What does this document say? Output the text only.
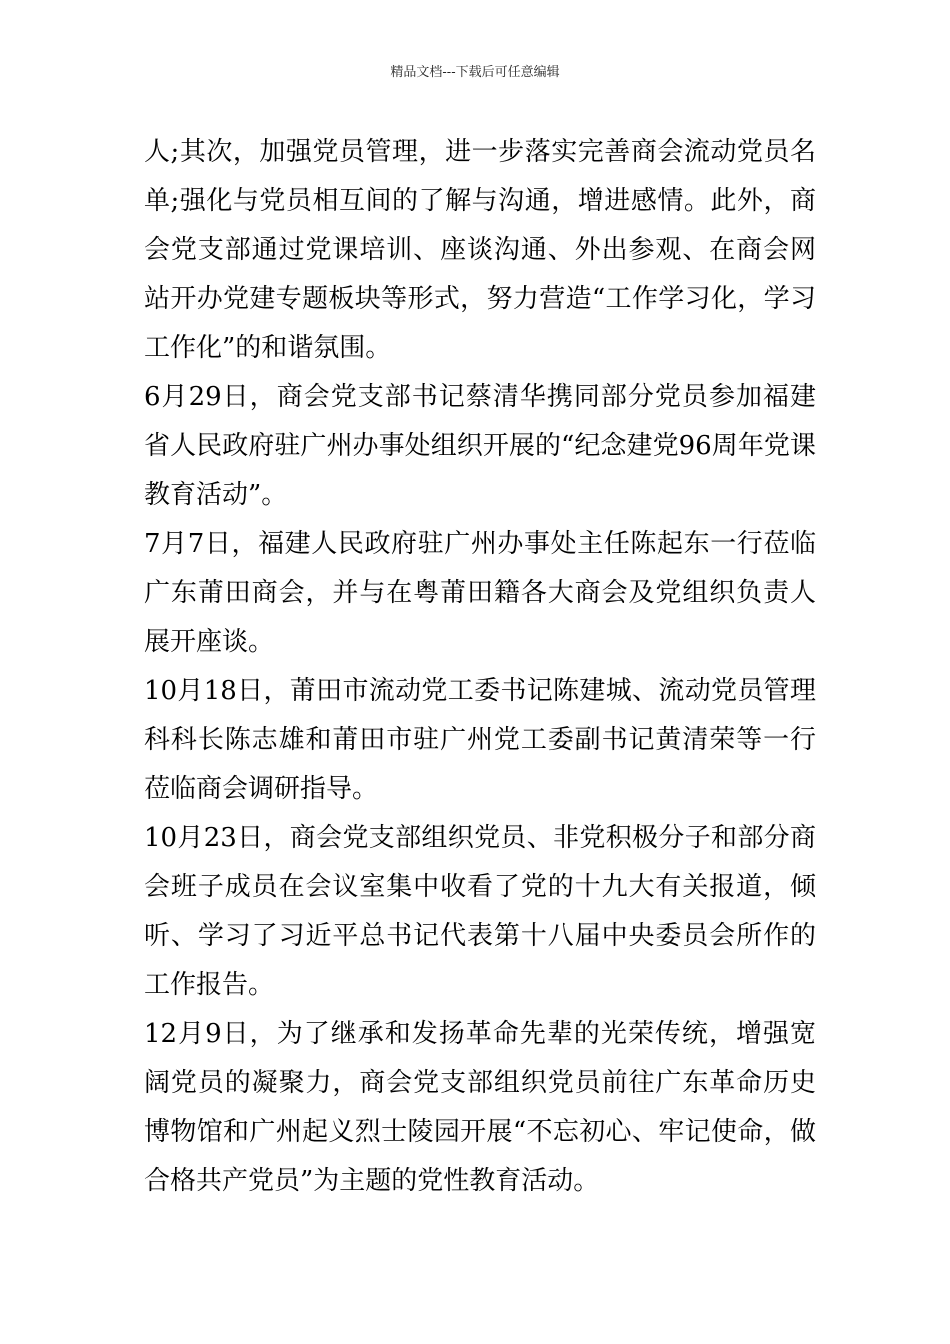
精品文档---下载后可任意编辑

人;其次，加强党员管理，进一步落实完善商会流动党员名单;强化与党员相互间的了解与沟通，增进感情。此外，商会党支部通过党课培训、座谈沟通、外出参观、在商会网站开办党建专题板块等形式，努力营造“工作学习化，学习工作化”的和谐氛围。

6月29日，商会党支部书记蔡清华携同部分党员参加福建省人民政府驻广州办事处组织开展的“纪念建党96周年党课教育活动”。

7月7日，福建人民政府驻广州办事处主任陈起东一行莅临广东莆田商会，并与在粤莆田籍各大商会及党组织负责人展开座谈。

10月18日，莆田市流动党工委书记陈建城、流动党员管理科科长陈志雄和莆田市驻广州党工委副书记黄清荣等一行莅临商会调研指导。

10月23日，商会党支部组织党员、非党积极分子和部分商会班子成员在会议室集中收看了党的十九大有关报道，倾听、学习了习近平总书记代表第十八届中央委员会所作的工作报告。

12月9日，为了继承和发扬革命先辈的光荣传统，增强宽阔党员的凝聚力，商会党支部组织党员前往广东革命历史博物馆和广州起义烈士陵园开展“不忘初心、牢记使命，做合格共产党员”为主题的党性教育活动。
